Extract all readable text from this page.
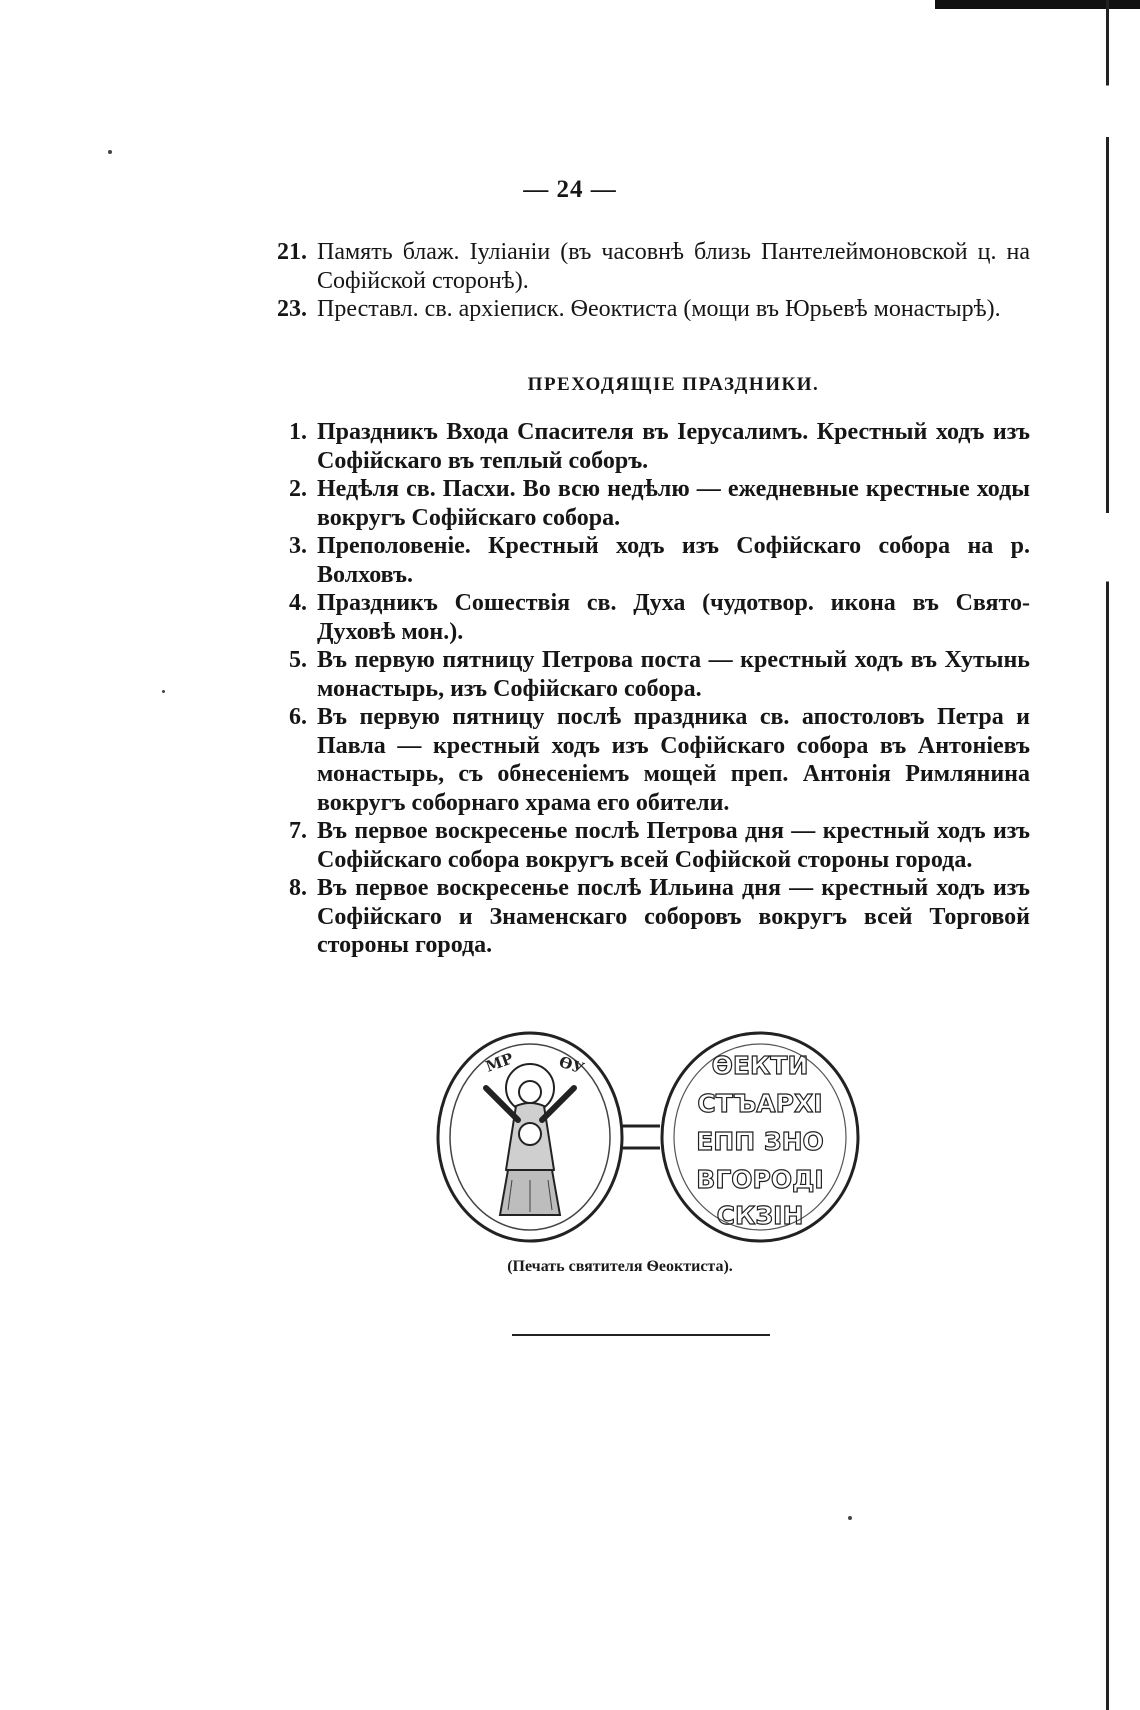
— 24 —
21. Память блаж. Іуліаніи (въ часовнѣ близь Пантелеймоновской ц. на Софійской сторонѣ).
23. Преставл. св. архіеписк. Ѳеоктиста (мощи въ Юрьевѣ монастырѣ).
ПРЕХОДЯЩІЕ ПРАЗДНИКИ.
1. Праздникъ Входа Спасителя въ Іерусалимъ. Крестный ходъ изъ Софійскаго въ теплый соборъ.
2. Недѣля св. Пасхи. Во всю недѣлю — ежедневные крестные ходы вокругъ Софійскаго собора.
3. Преполовеніе. Крестный ходъ изъ Софійскаго собора на р. Волховъ.
4. Праздникъ Сошествія св. Духа (чудотвор. икона въ Свято-Духовѣ мон.).
5. Въ первую пятницу Петрова поста — крестный ходъ въ Хутынь монастырь, изъ Софійскаго собора.
6. Въ первую пятницу послѣ праздника св. апостоловъ Петра и Павла — крестный ходъ изъ Софійскаго собора въ Антоніевъ монастырь, съ обнесеніемъ мощей преп. Антонія Римлянина вокругъ соборнаго храма его обители.
7. Въ первое воскресенье послѣ Петрова дня — крестный ходъ изъ Софійскаго собора вокругъ всей Софійской стороны города.
8. Въ первое воскресенье послѣ Ильина дня — крестный ходъ изъ Софійскаго и Знаменскаго соборовъ вокругъ всей Торговой стороны города.
МР	ѲУ	ѲЕКТИ
СТЪАРХІ
ЕПП ЗНО
ВГОРОДІ
СКЗІН
(Печать святителя Ѳеоктиста).
